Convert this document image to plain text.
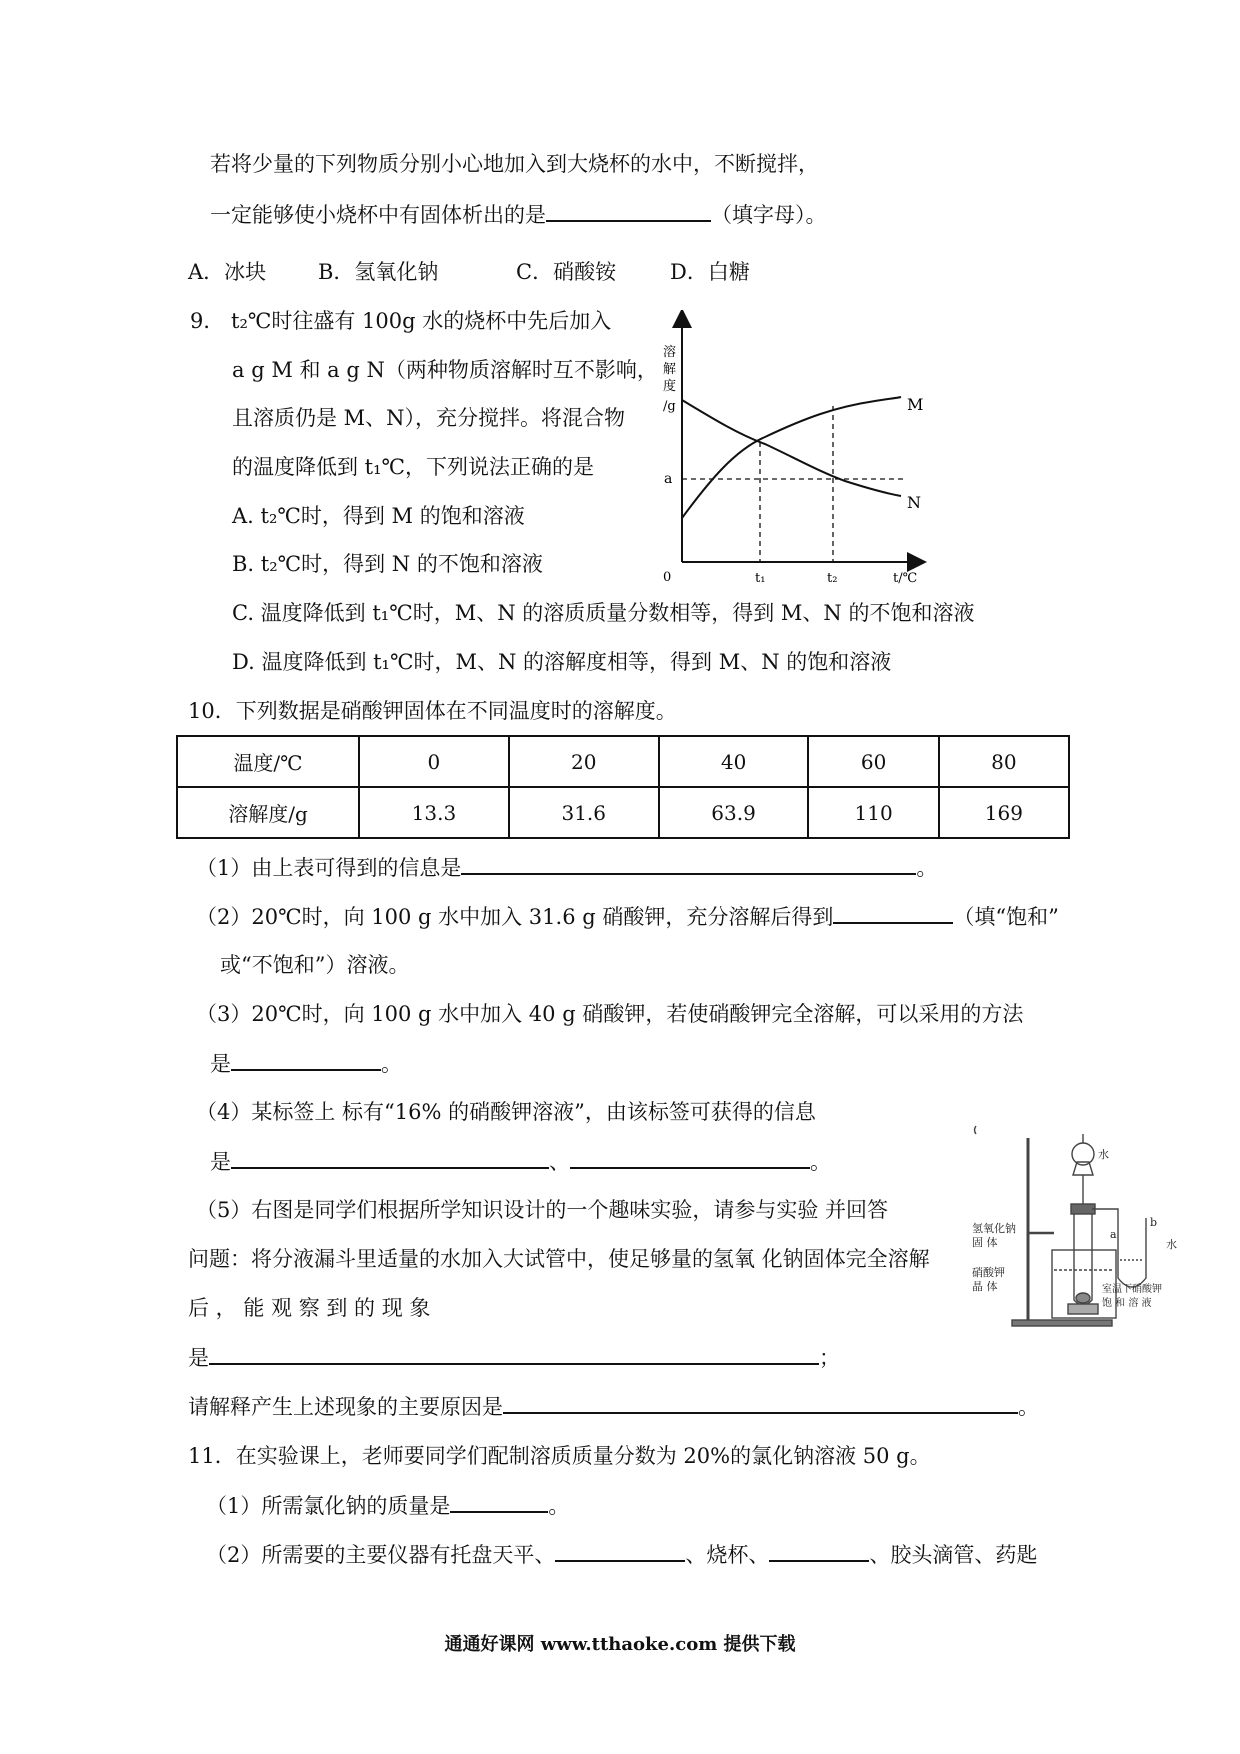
若将少量的下列物质分别小心地加入到大烧杯的水中，不断搅拌，
一定能够使小烧杯中有固体析出的是	（填字母）。
A．冰块 B．氢氧化钠	C．硝酸铵	D．白糖
9． t₂℃时往盛有 100g 水的烧杯中先后加入
a g M 和 a g N（两种物质溶解时互不影响，
且溶质仍是 M、N），充分搅拌。将混合物
的温度降低到 t₁℃，下列说法正确的是
A. t₂℃时，得到 M 的饱和溶液
B. t₂℃时，得到 N 的不饱和溶液
C. 温度降低到 t₁℃时，M、N 的溶质质量分数相等，得到 M、N 的不饱和溶液
D. 温度降低到 t₁℃时，M、N 的溶解度相等，得到 M、N 的饱和溶液
溶 解 度 /g
a
0	t₁	t₂	t/℃
M
N
10．下列数据是硝酸钾固体在不同温度时的溶解度。
温度/℃	0	20	40	60	80
溶解度/g	13.3	31.6	63.9	110	169
（1）由上表可得到的信息是	。
（2）20℃时，向 100 g 水中加入 31.6 g 硝酸钾，充分溶解后得到	（填“饱和”
或“不饱和”）溶液。
（3）20℃时，向 100 g 水中加入 40 g 硝酸钾，若使硝酸钾完全溶解，可以采用的方法
是	。
（4）某标签上 标有“16% 的硝酸钾溶液”，由该标签可获得的信息
是	、	。
（5）右图是同学们根据所学知识设计的一个趣味实验，请参与实验 并回答
问题：将分液漏斗里适量的水加入大试管中，使足够量的氢氧 化钠固体完全溶解
后 ， 能 观 察 到 的 现 象
是	；
请解释产生上述现象的主要原因是	。
水
氢氧化钠
固 体
硝酸钾
晶 体	室温下硝酸钾
饱 和 溶 液
a
b
水
11．在实验课上，老师要同学们配制溶质质量分数为 20%的氯化钠溶液 50 g。
（1）所需氯化钠的质量是	。
（2）所需要的主要仪器有托盘天平、	、烧杯、	、胶头滴管、药匙
通通好课网 www.tthaoke.com 提供下载
